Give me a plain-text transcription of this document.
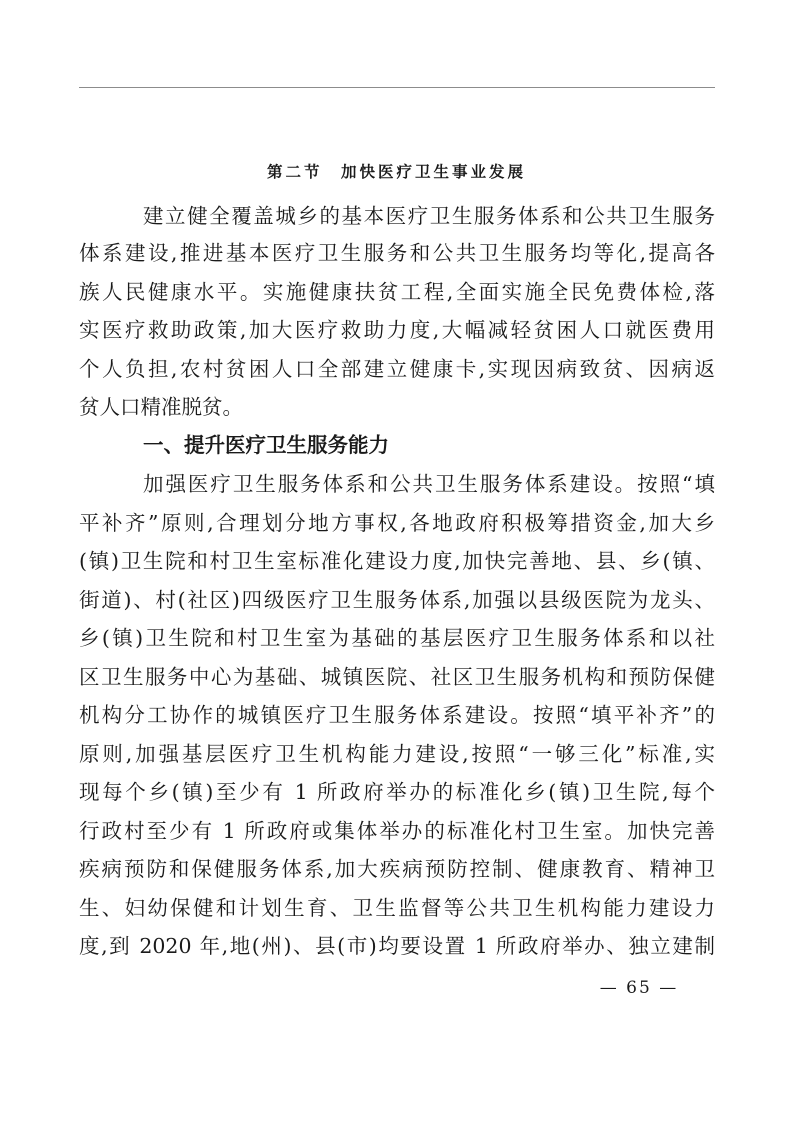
第二节　加快医疗卫生事业发展
建立健全覆盖城乡的基本医疗卫生服务体系和公共卫生服务
体系建设,推进基本医疗卫生服务和公共卫生服务均等化,提高各
族人民健康水平。实施健康扶贫工程,全面实施全民免费体检,落
实医疗救助政策,加大医疗救助力度,大幅减轻贫困人口就医费用
个人负担,农村贫困人口全部建立健康卡,实现因病致贫、因病返
贫人口精准脱贫。
一、提升医疗卫生服务能力
加强医疗卫生服务体系和公共卫生服务体系建设。按照“填
平补齐”原则,合理划分地方事权,各地政府积极筹措资金,加大乡
(镇)卫生院和村卫生室标准化建设力度,加快完善地、县、乡(镇、
街道)、村(社区)四级医疗卫生服务体系,加强以县级医院为龙头、
乡(镇)卫生院和村卫生室为基础的基层医疗卫生服务体系和以社
区卫生服务中心为基础、城镇医院、社区卫生服务机构和预防保健
机构分工协作的城镇医疗卫生服务体系建设。按照“填平补齐”的
原则,加强基层医疗卫生机构能力建设,按照“一够三化”标准,实
现每个乡(镇)至少有 1 所政府举办的标准化乡(镇)卫生院,每个
行政村至少有 1 所政府或集体举办的标准化村卫生室。加快完善
疾病预防和保健服务体系,加大疾病预防控制、健康教育、精神卫
生、妇幼保健和计划生育、卫生监督等公共卫生机构能力建设力
度,到 2020 年,地(州)、县(市)均要设置 1 所政府举办、独立建制
— 65 —
